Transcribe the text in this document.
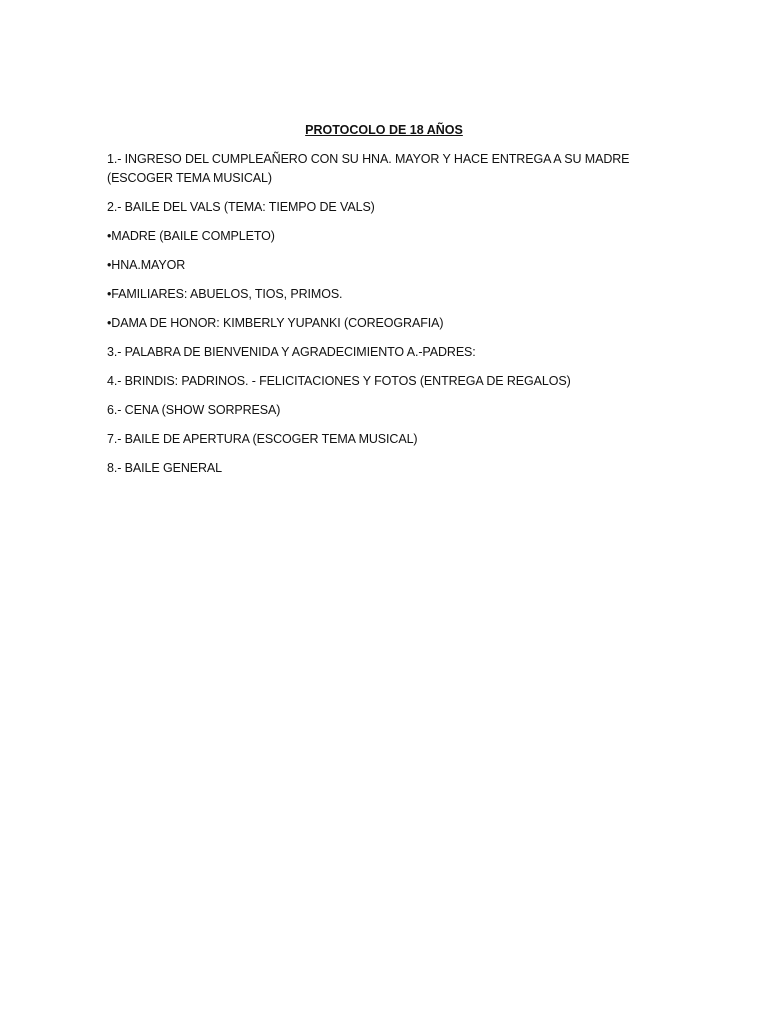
PROTOCOLO DE 18 AÑOS

1.- INGRESO DEL CUMPLEAÑERO CON SU HNA. MAYOR Y HACE ENTREGA A SU MADRE (ESCOGER TEMA MUSICAL)

2.- BAILE DEL VALS (TEMA: TIEMPO DE VALS)

•MADRE (BAILE COMPLETO)

•HNA.MAYOR

•FAMILIARES: ABUELOS, TIOS, PRIMOS.

•DAMA DE HONOR: KIMBERLY YUPANKI (COREOGRAFIA)

3.- PALABRA DE BIENVENIDA Y AGRADECIMIENTO A.-PADRES:

4.- BRINDIS: PADRINOS. - FELICITACIONES Y FOTOS (ENTREGA DE REGALOS)

6.- CENA (SHOW SORPRESA)

7.- BAILE DE APERTURA (ESCOGER TEMA MUSICAL)

8.- BAILE GENERAL
